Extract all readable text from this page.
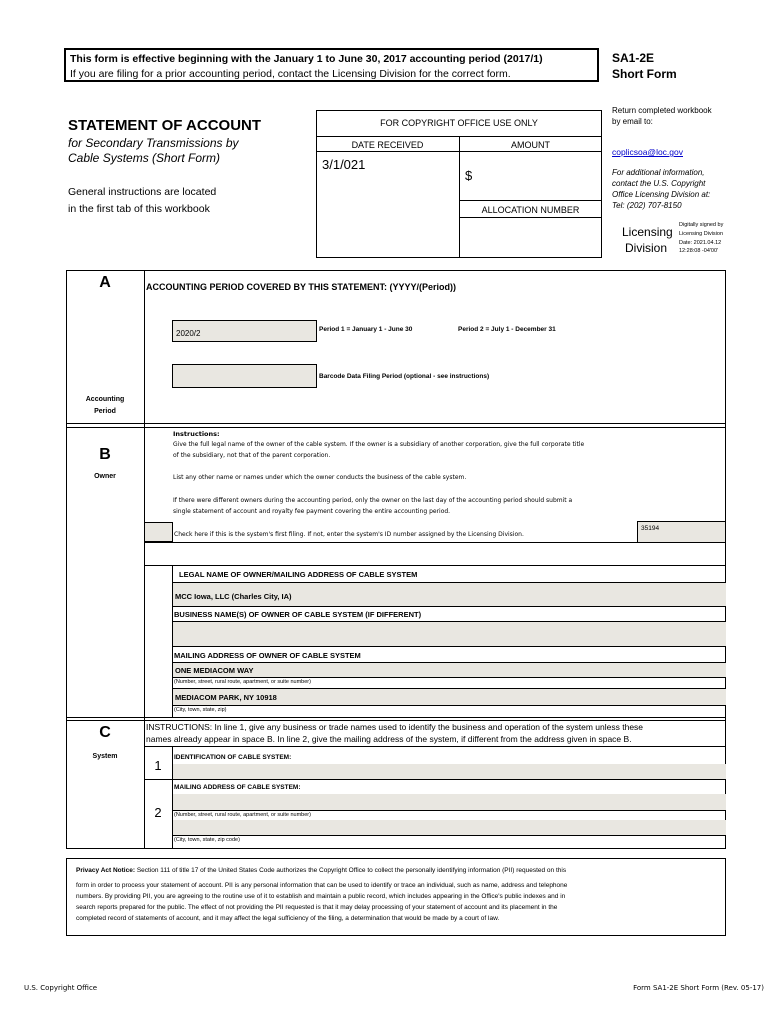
This form is effective beginning with the January 1 to June 30, 2017 accounting period (2017/1)
If you are filing for a prior accounting period, contact the Licensing Division for the correct form.
SA1-2E
Short Form
STATEMENT OF ACCOUNT
for Secondary Transmissions by
Cable Systems (Short Form)
General instructions are located
in the first tab of this workbook
FOR COPYRIGHT OFFICE USE ONLY
DATE RECEIVED	AMOUNT
3/1/021
$
ALLOCATION NUMBER
Return completed workbook
by email to:
coplicsoa@loc.gov
For additional information,
contact the U.S. Copyright
Office Licensing Division at:
Tel: (202) 707-8150
Licensing
Division
Digitally signed by
Licensing Division
Date: 2021.04.12
12:28:08 -04'00'
A
Accounting
Period
ACCOUNTING PERIOD COVERED BY THIS STATEMENT: (YYYY/(Period))
2020/2	Period 1 = January 1 - June 30	Period 2 = July 1 - December 31
Barcode Data Filing Period (optional - see instructions)
B
Owner
Instructions:
Give the full legal name of the owner of the cable system. If the owner is a subsidiary of another corporation, give the full corporate title
of the subsidiary, not that of the parent corporation.
List any other name or names under which the owner conducts the business of the cable system.
If there were different owners during the accounting period, only the owner on the last day of the accounting period should submit a
single statement of account and royalty fee payment covering the entire accounting period.
Check here if this is the system's first filing. If not, enter the system's ID number assigned by the Licensing Division.
35194
LEGAL NAME OF OWNER/MAILING ADDRESS OF CABLE SYSTEM
MCC Iowa, LLC (Charles City, IA)
BUSINESS NAME(S) OF OWNER OF CABLE SYSTEM (IF DIFFERENT)
MAILING ADDRESS OF OWNER OF CABLE SYSTEM
ONE MEDIACOM WAY
(Number, street, rural route, apartment, or suite number)
MEDIACOM PARK, NY 10918
(City, town, state, zip)
C
System
INSTRUCTIONS: In line 1, give any business or trade names used to identify the business and operation of the system unless these
names already appear in space B. In line 2, give the mailing address of the system, if different from the address given in space B.
1
IDENTIFICATION OF CABLE SYSTEM:
2
MAILING ADDRESS OF CABLE SYSTEM:
(Number, street, rural route, apartment, or suite number)
(City, town, state, zip code)
Privacy Act Notice: Section 111 of title 17 of the United States Code authorizes the Copyright Office to collect the personally identifying information (PII) requested on this
form in order to process your statement of account. PII is any personal information that can be used to identify or trace an individual, such as name, address and telephone
numbers. By providing PII, you are agreeing to the routine use of it to establish and maintain a public record, which includes appearing in the Office's public indexes and in
search reports prepared for the public. The effect of not providing the PII requested is that it may delay processing of your statement of account and its placement in the
completed record of statements of account, and it may affect the legal sufficiency of the filing, a determination that would be made by a court of law.
U.S. Copyright Office	Form SA1-2E Short Form (Rev. 05-17)
